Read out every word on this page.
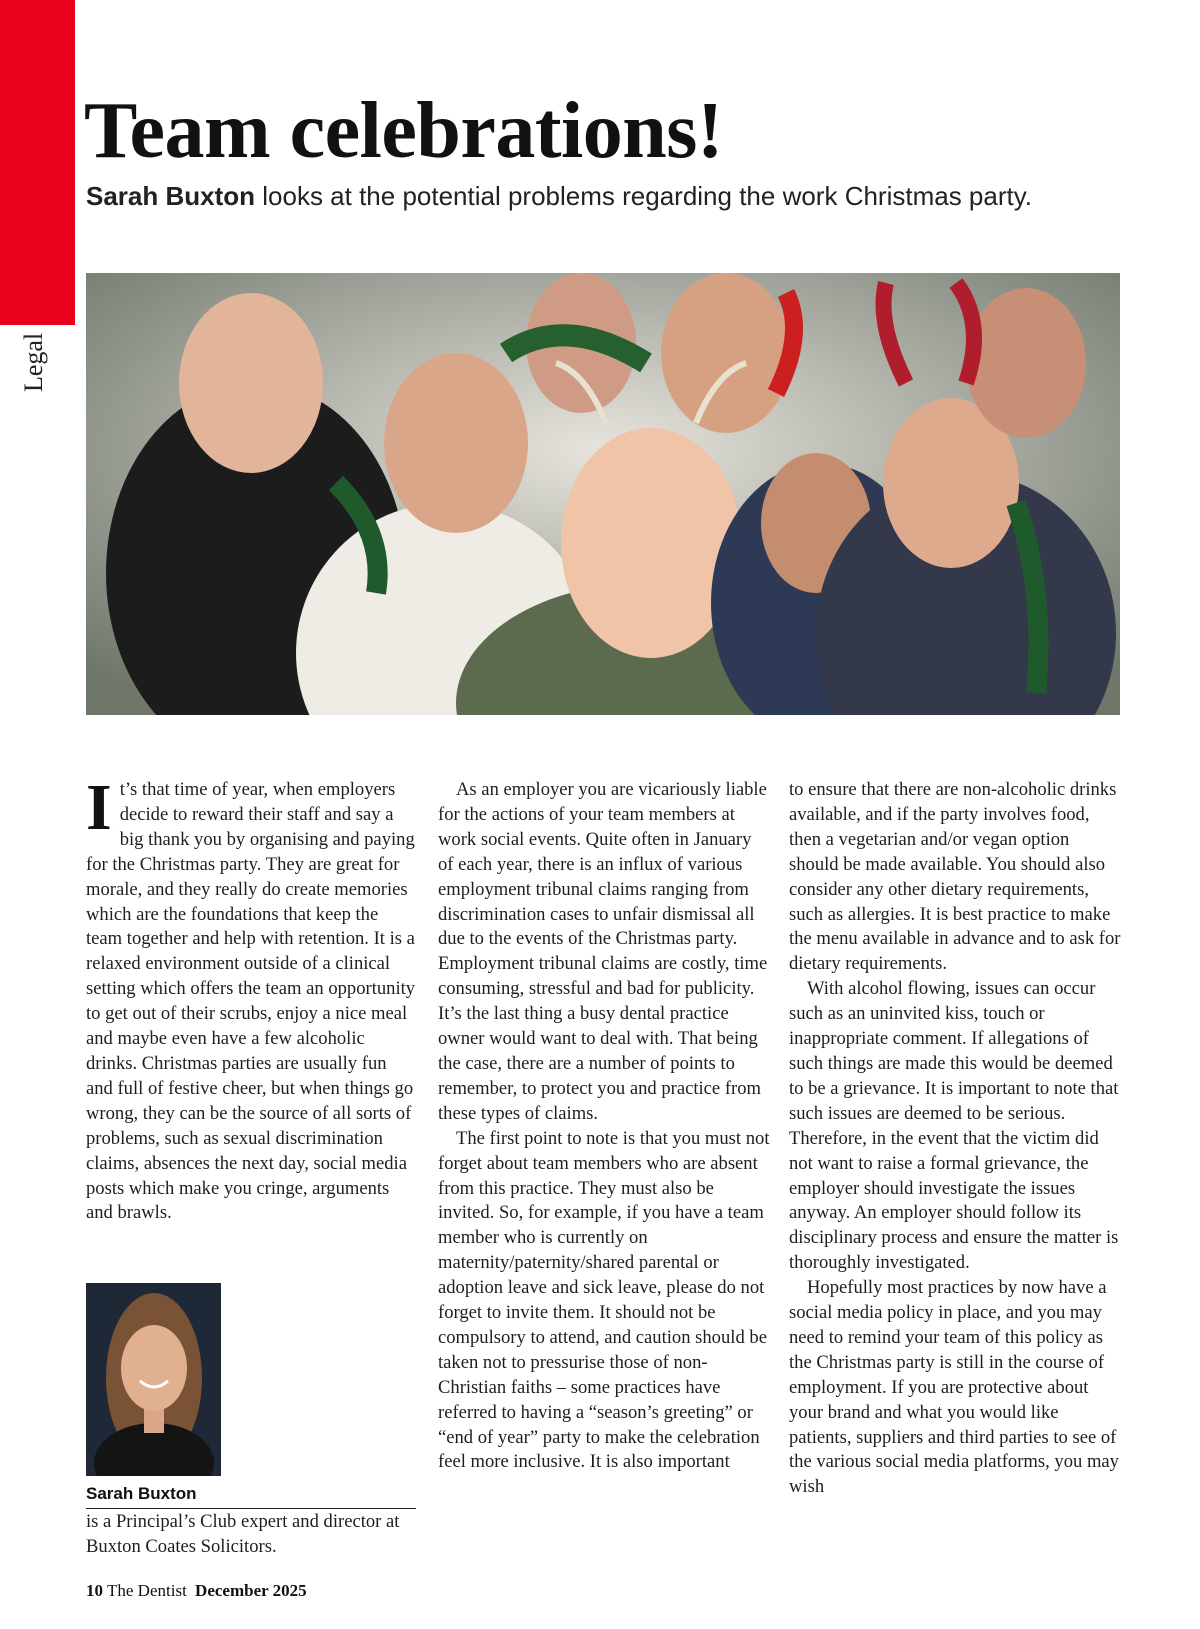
Legal
Team celebrations!

Sarah Buxton looks at the potential problems regarding the work Christmas party.

It’s that time of year, when employers decide to reward their staff and say a big thank you by organising and paying for the Christmas party. They are great for morale, and they really do create memories which are the foundations that keep the team together and help with retention. It is a relaxed environment outside of a clinical setting which offers the team an opportunity to get out of their scrubs, enjoy a nice meal and maybe even have a few alcoholic drinks. Christmas parties are usually fun and full of festive cheer, but when things go wrong, they can be the source of all sorts of problems, such as sexual discrimination claims, absences the next day, social media posts which make you cringe, arguments and brawls.

As an employer you are vicariously liable for the actions of your team members at work social events. Quite often in January of each year, there is an influx of various employment tribunal claims ranging from discrimination cases to unfair dismissal all due to the events of the Christmas party. Employment tribunal claims are costly, time consuming, stressful and bad for publicity. It’s the last thing a busy dental practice owner would want to deal with. That being the case, there are a number of points to remember, to protect you and practice from these types of claims.

The first point to note is that you must not forget about team members who are absent from this practice. They must also be invited. So, for example, if you have a team member who is currently on maternity/paternity/shared parental or adoption leave and sick leave, please do not forget to invite them. It should not be compulsory to attend, and caution should be taken not to pressurise those of non-Christian faiths – some practices have referred to having a “season’s greeting” or “end of year” party to make the celebration feel more inclusive. It is also important

to ensure that there are non-alcoholic drinks available, and if the party involves food, then a vegetarian and/or vegan option should be made available. You should also consider any other dietary requirements, such as allergies. It is best practice to make the menu available in advance and to ask for dietary requirements.

With alcohol flowing, issues can occur such as an uninvited kiss, touch or inappropriate comment. If allegations of such things are made this would be deemed to be a grievance. It is important to note that such issues are deemed to be serious. Therefore, in the event that the victim did not want to raise a formal grievance, the employer should investigate the issues anyway. An employer should follow its disciplinary process and ensure the matter is thoroughly investigated.

Hopefully most practices by now have a social media policy in place, and you may need to remind your team of this policy as the Christmas party is still in the course of employment. If you are protective about your brand and what you would like patients, suppliers and third parties to see of the various social media platforms, you may wish

Sarah Buxton
is a Principal’s Club expert and director at Buxton Coates Solicitors.
10 The Dentist December 2025
